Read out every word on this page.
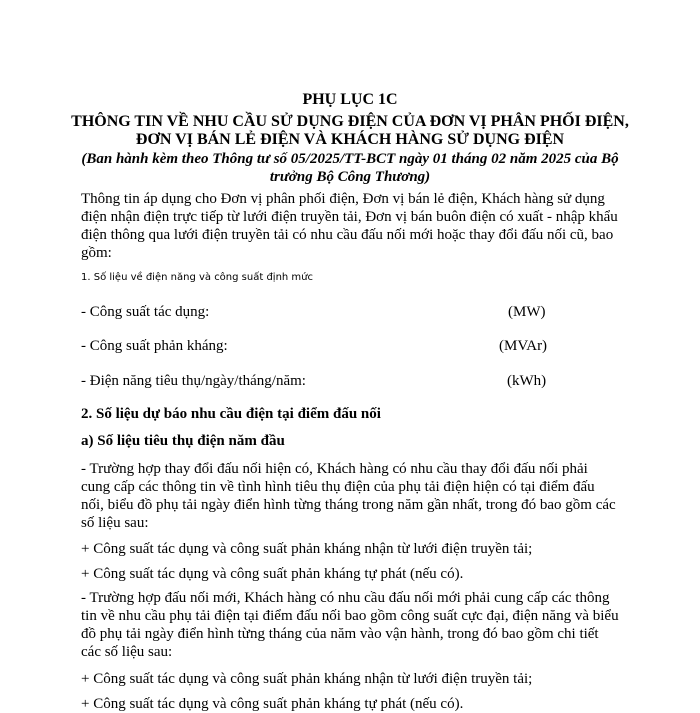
PHỤ LỤC 1C
THÔNG TIN VỀ NHU CẦU SỬ DỤNG ĐIỆN CỦA ĐƠN VỊ PHÂN PHỐI ĐIỆN,
ĐƠN VỊ BÁN LẺ ĐIỆN VÀ KHÁCH HÀNG SỬ DỤNG ĐIỆN
(Ban hành kèm theo Thông tư số 05/2025/TT-BCT ngày 01 tháng 02 năm 2025 của Bộ
trưởng Bộ Công Thương)
Thông tin áp dụng cho Đơn vị phân phối điện, Đơn vị bán lẻ điện, Khách hàng sử dụng
điện nhận điện trực tiếp từ lưới điện truyền tải, Đơn vị bán buôn điện có xuất - nhập khẩu
điện thông qua lưới điện truyền tải có nhu cầu đấu nối mới hoặc thay đổi đấu nối cũ, bao
gồm:
1. Số liệu về điện năng và công suất định mức
- Công suất tác dụng:	(MW)
- Công suất phản kháng:	(MVAr)
- Điện năng tiêu thụ/ngày/tháng/năm:	(kWh)
2. Số liệu dự báo nhu cầu điện tại điểm đấu nối
a) Số liệu tiêu thụ điện năm đầu
- Trường hợp thay đổi đấu nối hiện có, Khách hàng có nhu cầu thay đổi đấu nối phải
cung cấp các thông tin về tình hình tiêu thụ điện của phụ tải điện hiện có tại điểm đấu
nối, biểu đồ phụ tải ngày điển hình từng tháng trong năm gần nhất, trong đó bao gồm các
số liệu sau:
+ Công suất tác dụng và công suất phản kháng nhận từ lưới điện truyền tải;
+ Công suất tác dụng và công suất phản kháng tự phát (nếu có).
- Trường hợp đấu nối mới, Khách hàng có nhu cầu đấu nối mới phải cung cấp các thông
tin về nhu cầu phụ tải điện tại điểm đấu nối bao gồm công suất cực đại, điện năng và biểu
đồ phụ tải ngày điển hình từng tháng của năm vào vận hành, trong đó bao gồm chi tiết
các số liệu sau:
+ Công suất tác dụng và công suất phản kháng nhận từ lưới điện truyền tải;
+ Công suất tác dụng và công suất phản kháng tự phát (nếu có).
